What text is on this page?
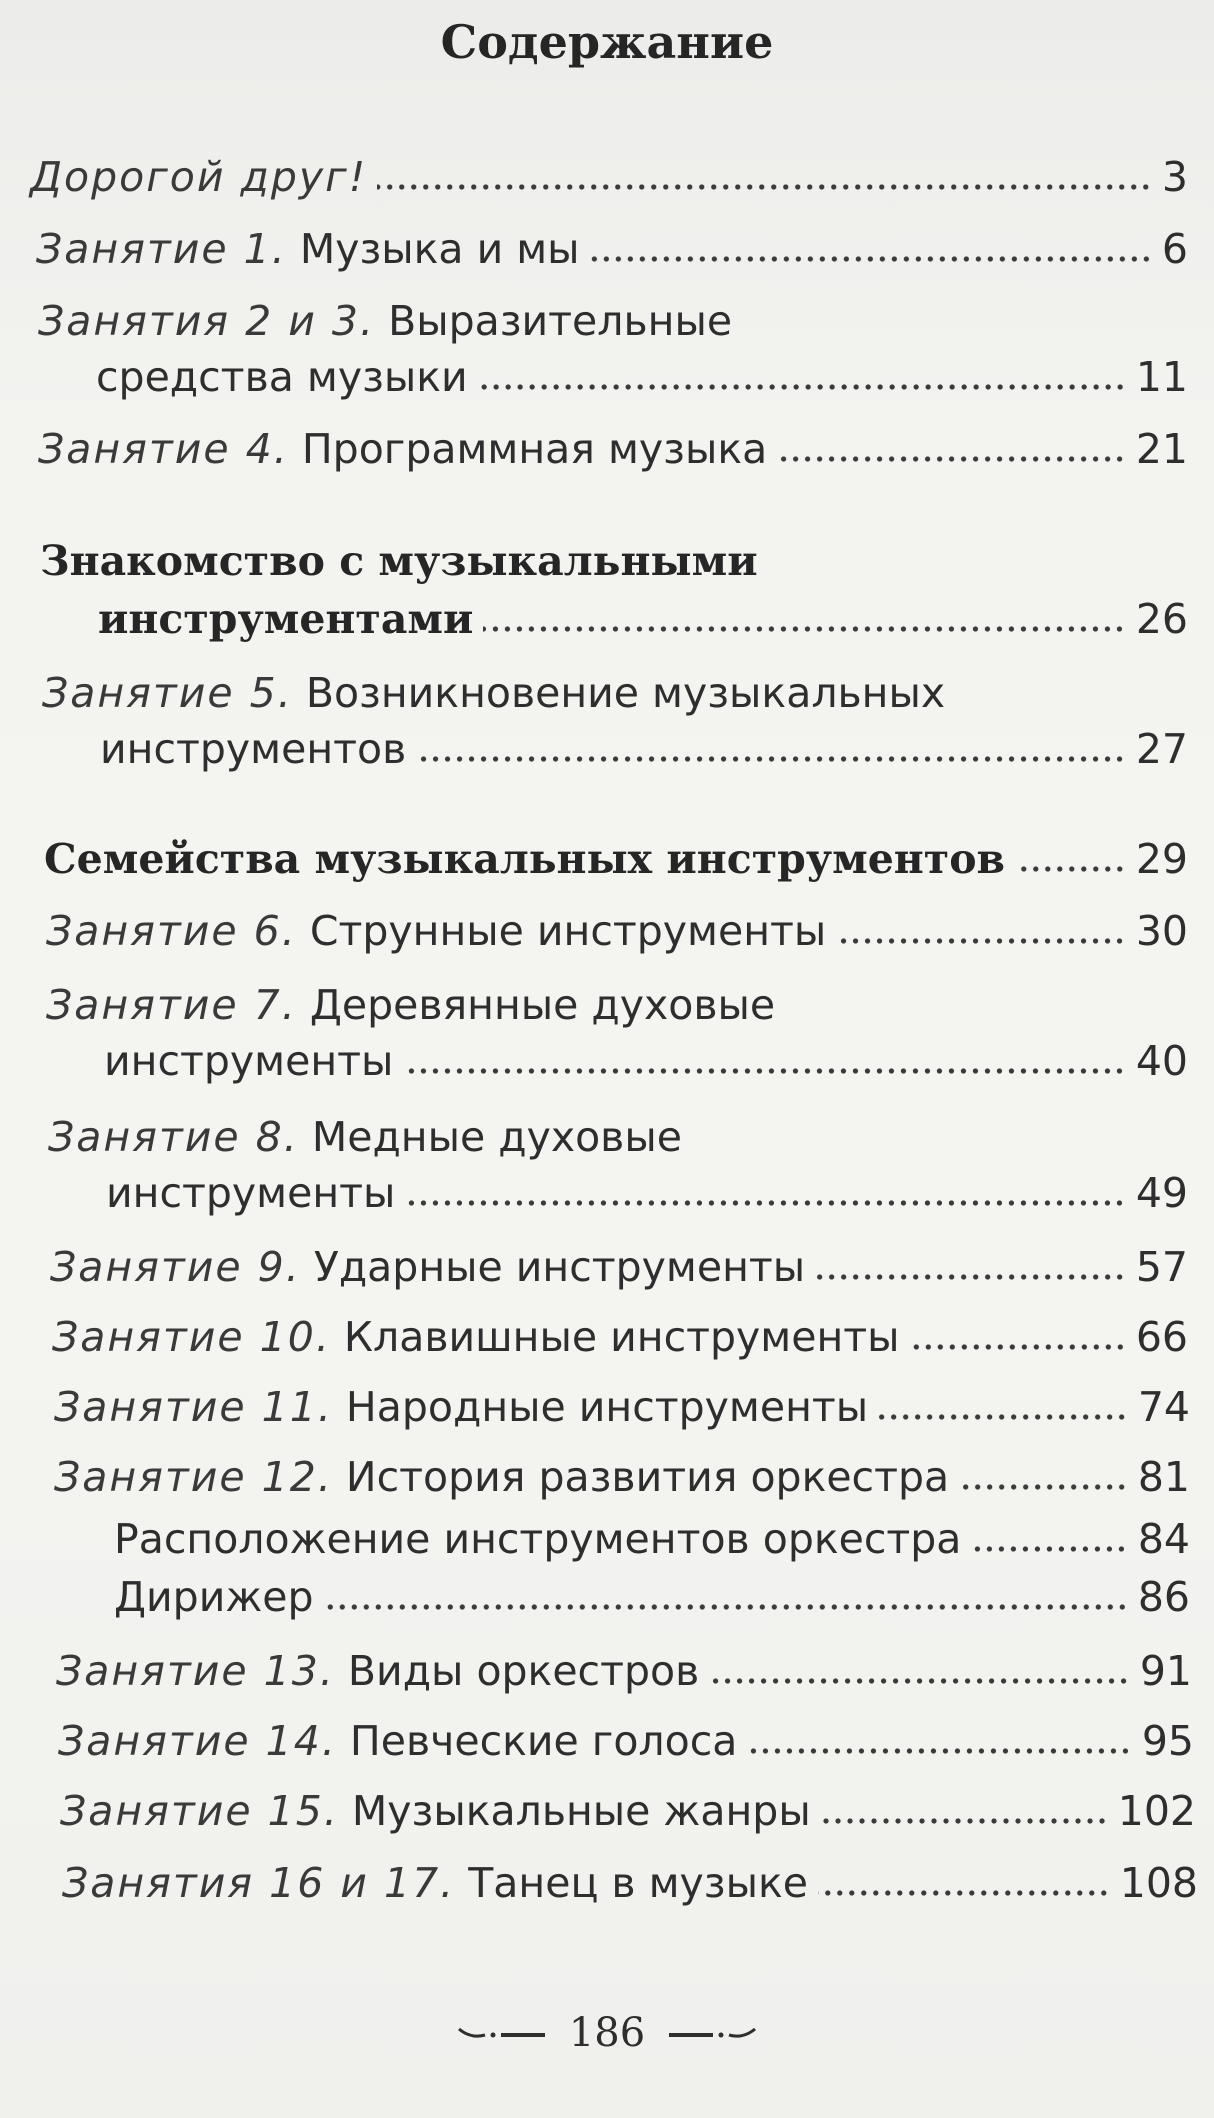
Содержание
Дорогой друг!	3
Занятие 1. Музыка и мы	6
Занятия 2 и 3. Выразительные
средства музыки	11
Занятие 4. Программная музыка	21
Знакомство с музыкальными
инструментами	26
Занятие 5. Возникновение музыкальных
инструментов	27
Семейства музыкальных инструментов	29
Занятие 6. Струнные инструменты	30
Занятие 7. Деревянные духовые
инструменты	40
Занятие 8. Медные духовые
инструменты	49
Занятие 9. Ударные инструменты	57
Занятие 10. Клавишные инструменты	66
Занятие 11. Народные инструменты	74
Занятие 12. История развития оркестра	81
Расположение инструментов оркестра	84
Дирижер	86
Занятие 13. Виды оркестров	91
Занятие 14. Певческие голоса	95
Занятие 15. Музыкальные жанры	102
Занятия 16 и 17. Танец в музыке	108
186
